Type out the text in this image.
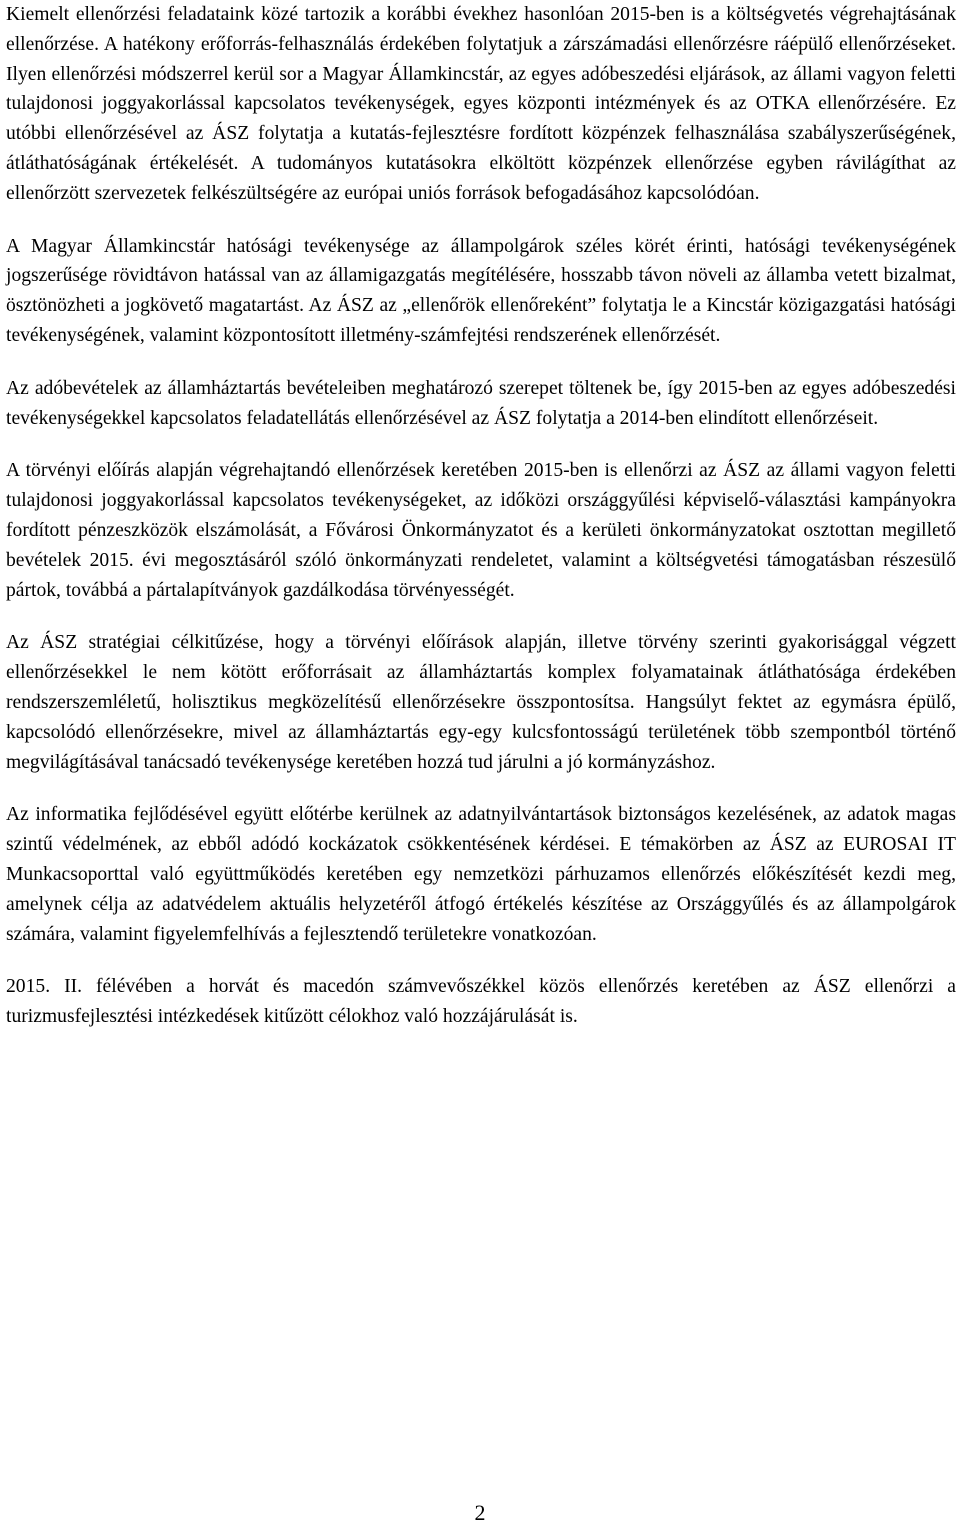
Kiemelt ellenőrzési feladataink közé tartozik a korábbi évekhez hasonlóan 2015-ben is a költségvetés végrehajtásának ellenőrzése. A hatékony erőforrás-felhasználás érdekében folytatjuk a zárszámadási ellenőrzésre ráépülő ellenőrzéseket. Ilyen ellenőrzési módszerrel kerül sor a Magyar Államkincstár, az egyes adóbeszedési eljárások, az állami vagyon feletti tulajdonosi joggyakorlással kapcsolatos tevékenységek, egyes központi intézmények és az OTKA ellenőrzésére. Ez utóbbi ellenőrzésével az ÁSZ folytatja a kutatás-fejlesztésre fordított közpénzek felhasználása szabályszerűségének, átláthatóságának értékelését. A tudományos kutatásokra elköltött közpénzek ellenőrzése egyben rávilágíthat az ellenőrzött szervezetek felkészültségére az európai uniós források befogadásához kapcsolódóan.

A Magyar Államkincstár hatósági tevékenysége az állampolgárok széles körét érinti, hatósági tevékenységének jogszerűsége rövidtávon hatással van az államigazgatás megítélésére, hosszabb távon növeli az államba vetett bizalmat, ösztönözheti a jogkövető magatartást. Az ÁSZ az „ellenőrök ellenőreként” folytatja le a Kincstár közigazgatási hatósági tevékenységének, valamint központosított illetmény-számfejtési rendszerének ellenőrzését.

Az adóbevételek az államháztartás bevételeiben meghatározó szerepet töltenek be, így 2015-ben az egyes adóbeszedési tevékenységekkel kapcsolatos feladatellátás ellenőrzésével az ÁSZ folytatja a 2014-ben elindított ellenőrzéseit.

A törvényi előírás alapján végrehajtandó ellenőrzések keretében 2015-ben is ellenőrzi az ÁSZ az állami vagyon feletti tulajdonosi joggyakorlással kapcsolatos tevékenységeket, az időközi országgyűlési képviselő-választási kampányokra fordított pénzeszközök elszámolását, a Fővárosi Önkormányzatot és a kerületi önkormányzatokat osztottan megillető bevételek 2015. évi megosztásáról szóló önkormányzati rendeletet, valamint a költségvetési támogatásban részesülő pártok, továbbá a pártalapítványok gazdálkodása törvényességét.

Az ÁSZ stratégiai célkitűzése, hogy a törvényi előírások alapján, illetve törvény szerinti gyakorisággal végzett ellenőrzésekkel le nem kötött erőforrásait az államháztartás komplex folyamatainak átláthatósága érdekében rendszerszemléletű, holisztikus megközelítésű ellenőrzésekre összpontosítsa. Hangsúlyt fektet az egymásra épülő, kapcsolódó ellenőrzésekre, mivel az államháztartás egy-egy kulcsfontosságú területének több szempontból történő megvilágításával tanácsadó tevékenysége keretében hozzá tud járulni a jó kormányzáshoz.

Az informatika fejlődésével együtt előtérbe kerülnek az adatnyilvántartások biztonságos kezelésének, az adatok magas szintű védelmének, az ebből adódó kockázatok csökkentésének kérdései. E témakörben az ÁSZ az EUROSAI IT Munkacsoporttal való együttműködés keretében egy nemzetközi párhuzamos ellenőrzés előkészítését kezdi meg, amelynek célja az adatvédelem aktuális helyzetéről átfogó értékelés készítése az Országgyűlés és az állampolgárok számára, valamint figyelemfelhívás a fejlesztendő területekre vonatkozóan.

2015. II. félévében a horvát és macedón számvevőszékkel közös ellenőrzés keretében az ÁSZ ellenőrzi a turizmusfejlesztési intézkedések kitűzött célokhoz való hozzájárulását is.

2
